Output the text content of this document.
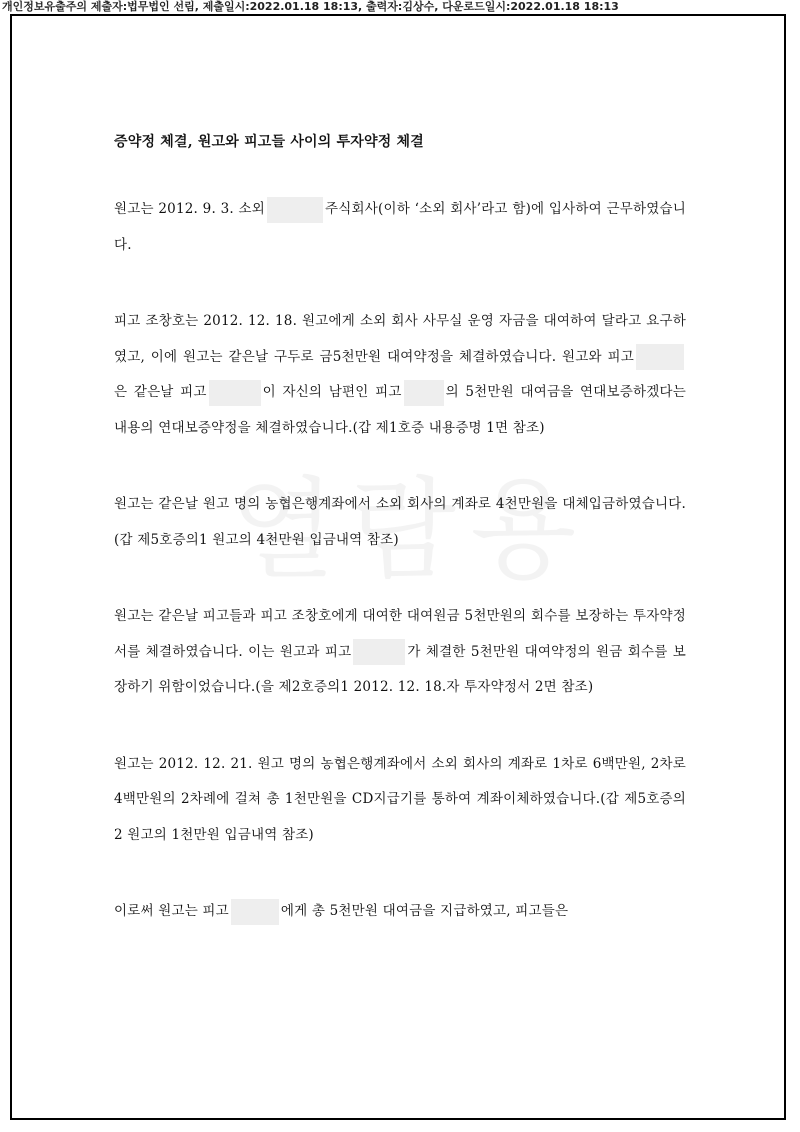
개인정보유출주의 제출자:법무법인 선림, 제출일시:2022.01.18 18:13, 출력자:김상수, 다운로드일시:2022.01.18 18:13

증약정 체결, 원고와 피고들 사이의 투자약정 체결

원고는 2012. 9. 3. 소외	주식회사(이하 ‘소외 회사’라고 함)에 입사하여 근무하였습니다.

피고 조창호는 2012. 12. 18. 원고에게 소외 회사 사무실 운영 자금을 대여하여 달라고 요구하였고, 이에 원고는 같은날 구두로 금5천만원 대여약정을 체결하였습니다. 원고와 피고은 같은날 피고	이 자신의 남편인 피고	의 5천만원 대여금을 연대보증하겠다는 내용의 연대보증약정을 체결하였습니다.(갑 제1호증 내용증명 1면 참조)

원고는 같은날 원고 명의 농협은행계좌에서 소외 회사의 계좌로 4천만원을 대체입금하였습니다.(갑 제5호증의1 원고의 4천만원 입금내역 참조)

원고는 같은날 피고들과 피고 조창호에게 대여한 대여원금 5천만원의 회수를 보장하는 투자약정서를 체결하였습니다. 이는 원고과 피고	가 체결한 5천만원 대여약정의 원금 회수를 보장하기 위함이었습니다.(을 제2호증의1 2012. 12. 18.자 투자약정서 2면 참조)

원고는 2012. 12. 21. 원고 명의 농협은행계좌에서 소외 회사의 계좌로 1차로 6백만원, 2차로 4백만원의 2차례에 걸쳐 총 1천만원을 CD지급기를 통하여 계좌이체하였습니다.(갑 제5호증의2 원고의 1천만원 입금내역 참조)

이로써 원고는 피고	에게 총 5천만원 대여금을 지급하였고, 피고들은
